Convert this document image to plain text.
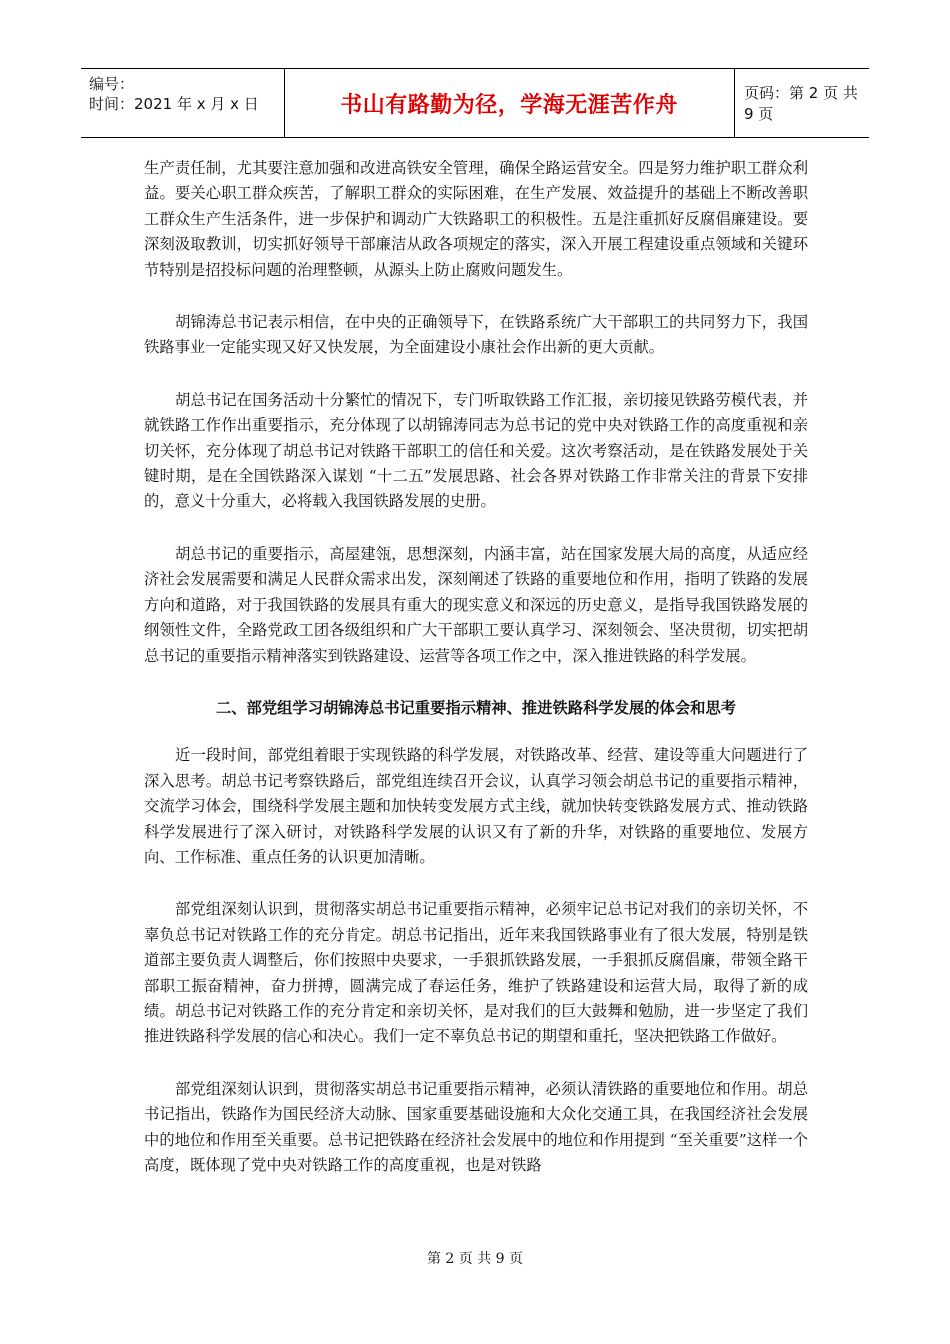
编号：
时间：2021 年 x 月 x 日	书山有路勤为径，学海无涯苦作舟	页码：第 2 页 共 9 页

生产责任制，尤其要注意加强和改进高铁安全管理，确保全路运营安全。四是努力维护职工群众利益。要关心职工群众疾苦，了解职工群众的实际困难，在生产发展、效益提升的基础上不断改善职工群众生产生活条件，进一步保护和调动广大铁路职工的积极性。五是注重抓好反腐倡廉建设。要深刻汲取教训，切实抓好领导干部廉洁从政各项规定的落实，深入开展工程建设重点领域和关键环节特别是招投标问题的治理整顿，从源头上防止腐败问题发生。

胡锦涛总书记表示相信，在中央的正确领导下，在铁路系统广大干部职工的共同努力下，我国铁路事业一定能实现又好又快发展，为全面建设小康社会作出新的更大贡献。

胡总书记在国务活动十分繁忙的情况下，专门听取铁路工作汇报，亲切接见铁路劳模代表，并就铁路工作作出重要指示，充分体现了以胡锦涛同志为总书记的党中央对铁路工作的高度重视和亲切关怀，充分体现了胡总书记对铁路干部职工的信任和关爱。这次考察活动，是在铁路发展处于关键时期，是在全国铁路深入谋划 “十二五”发展思路、社会各界对铁路工作非常关注的背景下安排的，意义十分重大，必将载入我国铁路发展的史册。

胡总书记的重要指示，高屋建瓴，思想深刻，内涵丰富，站在国家发展大局的高度，从适应经济社会发展需要和满足人民群众需求出发，深刻阐述了铁路的重要地位和作用，指明了铁路的发展方向和道路，对于我国铁路的发展具有重大的现实意义和深远的历史意义，是指导我国铁路发展的纲领性文件，全路党政工团各级组织和广大干部职工要认真学习、深刻领会、坚决贯彻，切实把胡总书记的重要指示精神落实到铁路建设、运营等各项工作之中，深入推进铁路的科学发展。

二、部党组学习胡锦涛总书记重要指示精神、推进铁路科学发展的体会和思考

近一段时间，部党组着眼于实现铁路的科学发展，对铁路改革、经营、建设等重大问题进行了深入思考。胡总书记考察铁路后，部党组连续召开会议，认真学习领会胡总书记的重要指示精神，交流学习体会，围绕科学发展主题和加快转变发展方式主线，就加快转变铁路发展方式、推动铁路科学发展进行了深入研讨，对铁路科学发展的认识又有了新的升华，对铁路的重要地位、发展方向、工作标准、重点任务的认识更加清晰。

部党组深刻认识到，贯彻落实胡总书记重要指示精神，必须牢记总书记对我们的亲切关怀，不辜负总书记对铁路工作的充分肯定。胡总书记指出，近年来我国铁路事业有了很大发展，特别是铁道部主要负责人调整后，你们按照中央要求，一手狠抓铁路发展，一手狠抓反腐倡廉，带领全路干部职工振奋精神，奋力拼搏，圆满完成了春运任务，维护了铁路建设和运营大局，取得了新的成绩。胡总书记对铁路工作的充分肯定和亲切关怀，是对我们的巨大鼓舞和勉励，进一步坚定了我们推进铁路科学发展的信心和决心。我们一定不辜负总书记的期望和重托，坚决把铁路工作做好。

部党组深刻认识到，贯彻落实胡总书记重要指示精神，必须认清铁路的重要地位和作用。胡总书记指出，铁路作为国民经济大动脉、国家重要基础设施和大众化交通工具，在我国经济社会发展中的地位和作用至关重要。总书记把铁路在经济社会发展中的地位和作用提到 “至关重要”这样一个高度，既体现了党中央对铁路工作的高度重视，也是对铁路

第 2 页 共 9 页
